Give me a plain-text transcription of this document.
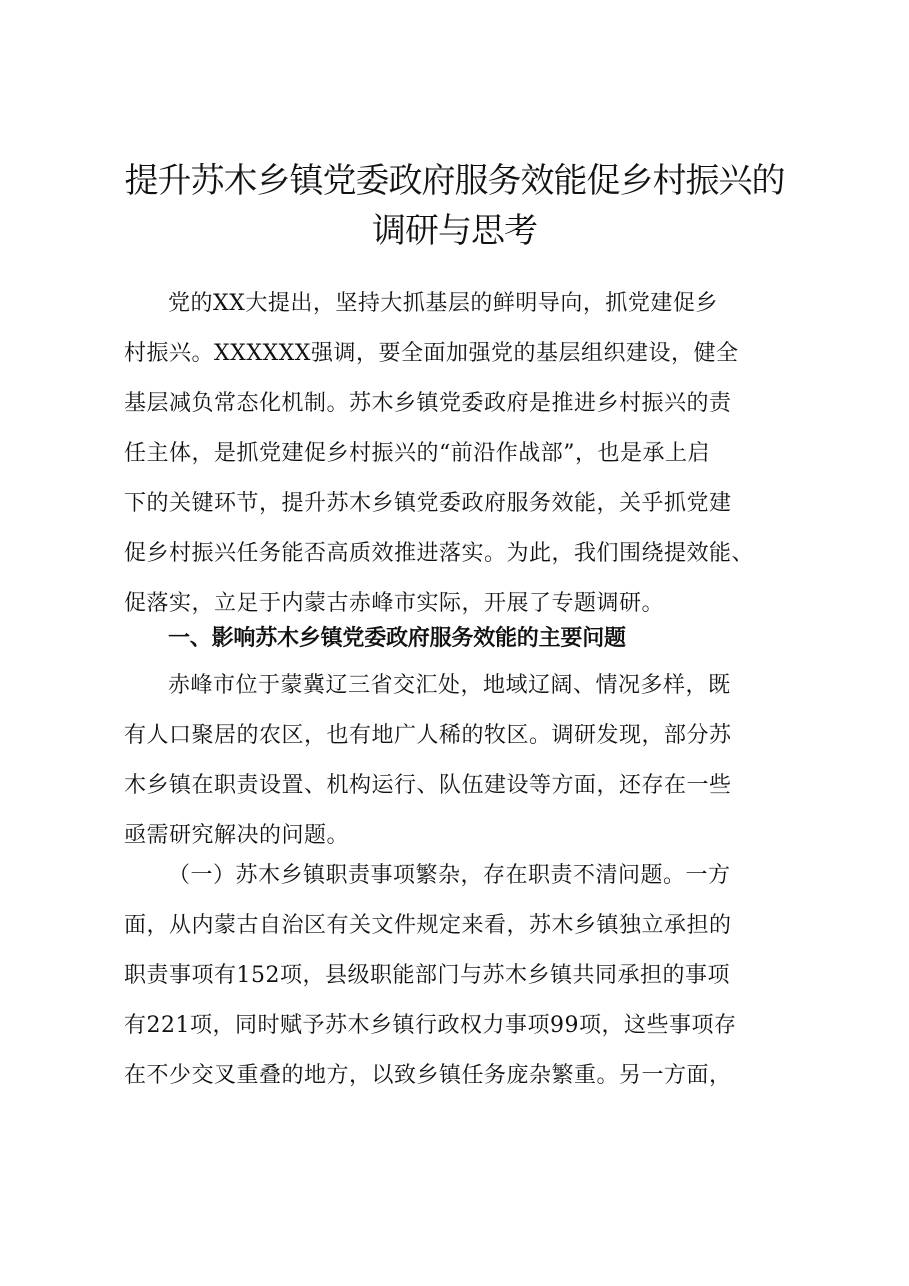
提升苏木乡镇党委政府服务效能促乡村振兴的
调研与思考
党的XX大提出，坚持大抓基层的鲜明导向，抓党建促乡
村振兴。XXXXXX强调，要全面加强党的基层组织建设，健全
基层减负常态化机制。苏木乡镇党委政府是推进乡村振兴的责
任主体，是抓党建促乡村振兴的“前沿作战部”，也是承上启
下的关键环节，提升苏木乡镇党委政府服务效能，关乎抓党建
促乡村振兴任务能否高质效推进落实。为此，我们围绕提效能、
促落实，立足于内蒙古赤峰市实际，开展了专题调研。
一、影响苏木乡镇党委政府服务效能的主要问题
赤峰市位于蒙冀辽三省交汇处，地域辽阔、情况多样，既
有人口聚居的农区，也有地广人稀的牧区。调研发现，部分苏
木乡镇在职责设置、机构运行、队伍建设等方面，还存在一些
亟需研究解决的问题。
（一）苏木乡镇职责事项繁杂，存在职责不清问题。一方
面，从内蒙古自治区有关文件规定来看，苏木乡镇独立承担的
职责事项有152项，县级职能部门与苏木乡镇共同承担的事项
有221项，同时赋予苏木乡镇行政权力事项99项，这些事项存
在不少交叉重叠的地方，以致乡镇任务庞杂繁重。另一方面，
